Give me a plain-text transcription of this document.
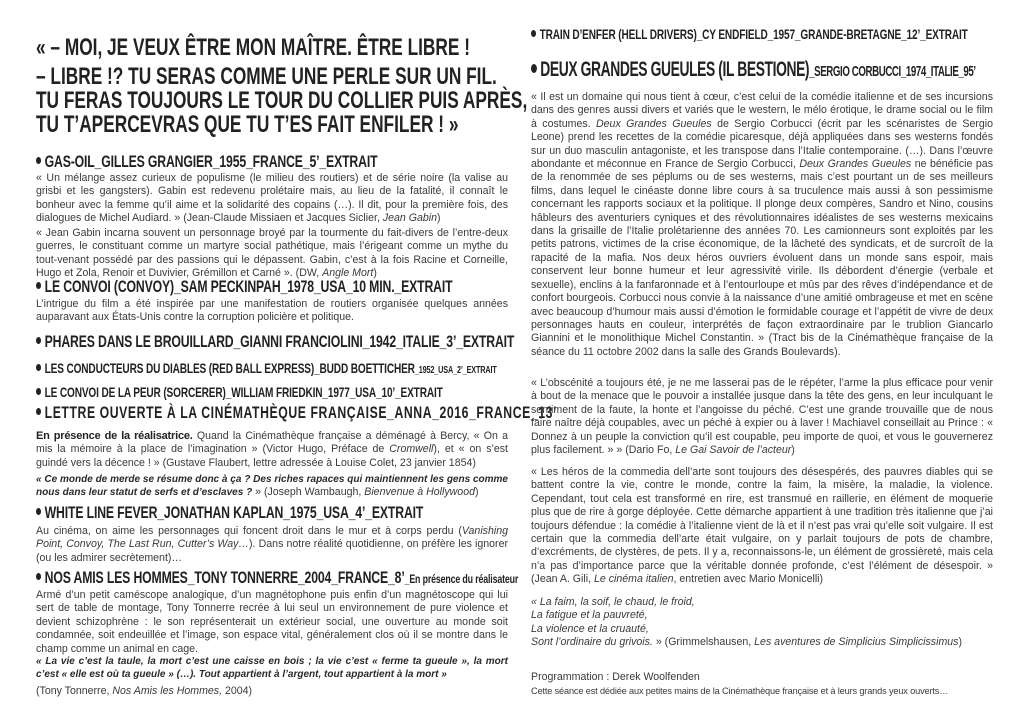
« – MOI, JE VEUX ÊTRE MON MAÎTRE. ÊTRE LIBRE !
– LIBRE !? TU SERAS COMME UNE PERLE SUR UN FIL.
TU FERAS TOUJOURS LE TOUR DU COLLIER PUIS APRÈS,
TU T’APERCEVRAS QUE TU T’ES FAIT ENFILER ! »
GAS-OIL_GILLES GRANGIER_1955_FRANCE_5’_EXTRAIT
« Un mélange assez curieux de populisme (le milieu des routiers) et de série noire (la valise au grisbi et les gangsters). Gabin est redevenu prolétaire mais, au lieu de la fatalité, il connaît le bonheur avec la femme qu’il aime et la solidarité des copains (…). Il dit, pour la première fois, des dialogues de Michel Audiard. » (Jean-Claude Missiaen et Jacques Siclier, Jean Gabin)
« Jean Gabin incarna souvent un personnage broyé par la tourmente du fait-divers de l’entre-deux guerres, le constituant comme un martyre social pathétique, mais l’érigeant comme un mythe du tout-venant possédé par des passions qui le dépassent. Gabin, c’est à la fois Racine et Corneille, Hugo et Zola, Renoir et Duvivier, Grémillon et Carné ». (DW, Angle Mort)
LE CONVOI (CONVOY)_SAM PECKINPAH_1978_USA_10 MIN._EXTRAIT
L’intrigue du film a été inspirée par une manifestation de routiers organisée quelques années auparavant aux États-Unis contre la corruption policière et politique.
PHARES DANS LE BROUILLARD_GIANNI FRANCIOLINI_1942_ITALIE_3’_EXTRAIT
LES CONDUCTEURS DU DIABLES (RED BALL EXPRESS)_BUDD BOETTICHER_1952_USA_2’_EXTRAIT
LE CONVOI DE LA PEUR (SORCERER)_WILLIAM FRIEDKIN_1977_USA_10’_EXTRAIT
LETTRE OUVERTE À LA CINÉMATHÈQUE FRANÇAISE_ANNA_2016_FRANCE_13’
En présence de la réalisatrice. Quand la Cinémathèque française a déménagé à Bercy, « On a mis la mémoire à la place de l’imagination » (Victor Hugo, Préface de Cromwell), et « on s’est guindé vers la décence ! » (Gustave Flaubert, lettre adressée à Louise Colet, 23 janvier 1854)
« Ce monde de merde se résume donc à ça ? Des riches rapaces qui maintiennent les gens comme nous dans leur statut de serfs et d’esclaves ? » (Joseph Wambaugh, Bienvenue à Hollywood)
WHITE LINE FEVER_JONATHAN KAPLAN_1975_USA_4’_EXTRAIT
Au cinéma, on aime les personnages qui foncent droit dans le mur et à corps perdu (Vanishing Point, Convoy, The Last Run, Cutter’s Way…). Dans notre réalité quotidienne, on préfère les ignorer (ou les admirer secrètement)…
NOS AMIS LES HOMMES_TONY TONNERRE_2004_FRANCE_8’_En présence du réalisateur
Armé d’un petit caméscope analogique, d’un magnétophone puis enfin d’un magnétoscope qui lui sert de table de montage, Tony Tonnerre recrée à lui seul un environnement de pure violence et devient schizophrène : le son représenterait un extérieur social, une ouverture au monde soit condamnée, soit endeuillée et l’image, son espace vital, généralement clos où il se montre dans le champ comme un animal en cage.
« La vie c’est la taule, la mort c’est une caisse en bois ; la vie c’est « ferme ta gueule », la mort c’est « elle est où ta gueule » (…). Tout appartient à l’argent, tout appartient à la mort »
(Tony Tonnerre, Nos Amis les Hommes, 2004)
TRAIN D’ENFER (HELL DRIVERS)_CY ENDFIELD_1957_GRANDE-BRETAGNE_12’_EXTRAIT
DEUX GRANDES GUEULES (IL BESTIONE)_SERGIO CORBUCCI_1974_ITALIE_95’
« Il est un domaine qui nous tient à cœur, c’est celui de la comédie italienne et de ses incursions dans des genres aussi divers et variés que le western, le mélo érotique, le drame social ou le film à costumes. Deux Grandes Gueules de Sergio Corbucci (écrit par les scénaristes de Sergio Leone) prend les recettes de la comédie picaresque, déjà appliquées dans ses westerns fondés sur un duo masculin antagoniste, et les transpose dans l’Italie contemporaine. (…). Dans l’œuvre abondante et méconnue en France de Sergio Corbucci, Deux Grandes Gueules ne bénéficie pas de la renommée de ses péplums ou de ses westerns, mais c’est pourtant un de ses meilleurs films, dans lequel le cinéaste donne libre cours à sa truculence mais aussi à son pessimisme concernant les rapports sociaux et la politique. Il plonge deux compères, Sandro et Nino, cousins hâbleurs des aventuriers cyniques et des révolutionnaires idéalistes de ses westerns mexicains dans la grisaille de l’Italie prolétarienne des années 70. Les camionneurs sont exploités par les petits patrons, victimes de la crise économique, de la lâcheté des syndicats, et de surcroît de la rapacité de la mafia. Nos deux héros ouvriers évoluent dans un monde sans espoir, mais conservent leur bonne humeur et leur agressivité virile. Ils débordent d’énergie (verbale et sexuelle), enclins à la fanfaronnade et à l’entourloupe et mûs par des rêves d’indépendance et de confort bourgeois. Corbucci nous convie à la naissance d’une amitié ombrageuse et met en scène avec beaucoup d’humour mais aussi d’émotion le formidable courage et l’appétit de vivre de deux personnages hauts en couleur, interprétés de façon extraordinaire par le trublion Giancarlo Giannini et le monolithique Michel Constantin. » (Tract bis de la Cinémathèque française de la séance du 11 octobre 2002 dans la salle des Grands Boulevards).
« L’obscénité a toujours été, je ne me lasserai pas de le répéter, l’arme la plus efficace pour venir à bout de la menace que le pouvoir a installée jusque dans la tête des gens, en leur inculquant le sentiment de la faute, la honte et l’angoisse du péché. C’est une grande trouvaille que de nous faire naître déjà coupables, avec un péché à expier ou à laver ! Machiavel conseillait au Prince : « Donnez à un peuple la conviction qu’il est coupable, peu importe de quoi, et vous le gouvernerez plus facilement. » » (Dario Fo, Le Gai Savoir de l’acteur)
« Les héros de la commedia dell’arte sont toujours des désespérés, des pauvres diables qui se battent contre la vie, contre le monde, contre la faim, la misère, la maladie, la violence. Cependant, tout cela est transformé en rire, est transmué en raillerie, en élément de moquerie plus que de rire à gorge déployée. Cette démarche appartient à une tradition très italienne que j’ai toujours défendue : la comédie à l’italienne vient de là et il n’est pas vrai qu’elle soit vulgaire. Il est certain que la commedia dell’arte était vulgaire, on y parlait toujours de pots de chambre, d’excréments, de clystères, de pets. Il y a, reconnaissons-le, un élément de grossièreté, mais cela n’a pas d’importance parce que la véritable donnée profonde, c’est l’élément de désespoir. » (Jean A. Gili, Le cinéma italien, entretien avec Mario Monicelli)
« La faim, la soif, le chaud, le froid,
La fatigue et la pauvreté,
La violence et la cruauté,
Sont l’ordinaire du grivois. » (Grimmelshausen, Les aventures de Simplicius Simplicissimus)
Programmation : Derek Woolfenden
Cette séance est dédiée aux petites mains de la Cinémathèque française et à leurs grands yeux ouverts…
